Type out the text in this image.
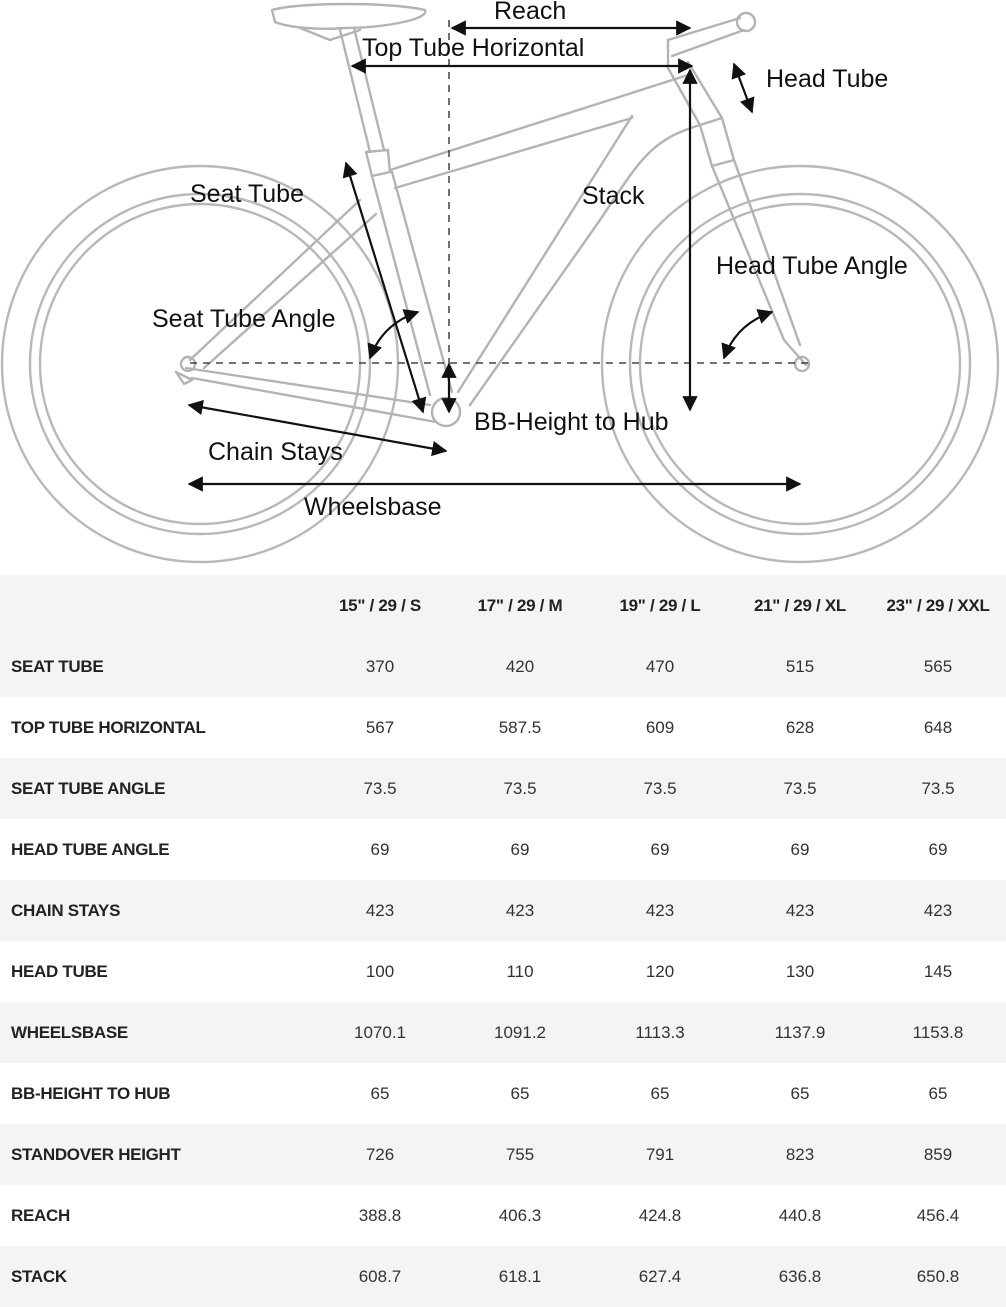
Reach
Top Tube Horizontal
Head Tube
Seat Tube	Stack
Head Tube Angle
Seat Tube Angle
BB-Height to Hub
Chain Stays
Wheelsbase
	15" / 29 / S	17" / 29 / M	19" / 29 / L	21" / 29 / XL	23" / 29 / XXL
SEAT TUBE	370	420	470	515	565
TOP TUBE HORIZONTAL	567	587.5	609	628	648
SEAT TUBE ANGLE	73.5	73.5	73.5	73.5	73.5
HEAD TUBE ANGLE	69	69	69	69	69
CHAIN STAYS	423	423	423	423	423
HEAD TUBE	100	110	120	130	145
WHEELSBASE	1070.1	1091.2	1113.3	1137.9	1153.8
BB-HEIGHT TO HUB	65	65	65	65	65
STANDOVER HEIGHT	726	755	791	823	859
REACH	388.8	406.3	424.8	440.8	456.4
STACK	608.7	618.1	627.4	636.8	650.8
